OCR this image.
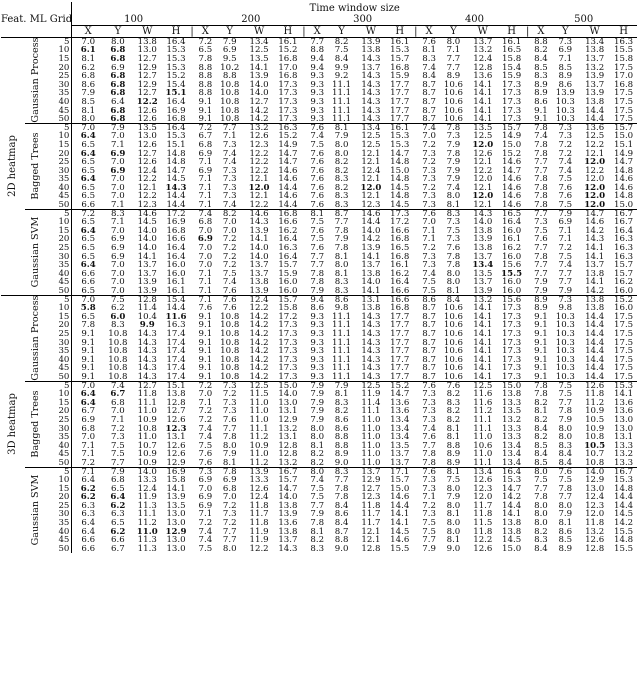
Feat. ML Grid			Time window size																							
			100					200					300					400					500			
			X	Y	W	H	|	X	Y	W	H	|	X	Y	W	H	|	X	Y	W	H	|	X	Y	W	H

2D heatmap	Gaussian Process	5	7.0	8.0	13.8	16.4		7.2	7.9	13.4	16.1		7.7	8.2	13.9	16.1		7.6	8.0	13.7	16.1		8.8	7.3	13.4	16.3
		10	6.1	6.8	13.0	15.3		6.5	6.9	12.5	15.2		8.8	7.5	13.8	15.3		8.1	7.1	13.2	16.5		8.2	6.9	13.8	15.5
		15	8.1	6.8	12.7	15.3		7.8	9.5	13.5	16.8		9.4	8.4	14.3	15.7		8.3	7.7	12.4	15.8		8.4	7.1	13.7	15.8
		20	6.2	6.9	12.9	15.3		8.8	10.2	14.1	17.0		9.4	9.9	13.7	16.8		7.4	7.7	12.8	15.4		8.5	8.5	13.2	17.5
		25	6.8	6.8	12.7	15.2		8.8	8.8	13.9	16.8		9.3	9.2	14.3	15.9		8.4	8.9	13.6	15.9		8.3	8.9	13.9	17.0
		30	8.6	6.8	12.9	15.4		8.8	10.8	14.0	17.3		9.3	11.1	14.3	17.7		8.7	10.6	14.1	17.3		8.9	8.6	13.7	16.8
		35	7.9	6.8	12.7	15.1		8.8	10.8	14.0	17.3		9.3	11.1	14.3	17.7		8.7	10.6	14.1	17.3		8.9	13.9	13.9	17.5
		40	8.5	6.4	12.2	16.4		9.1	10.8	12.7	17.3		9.3	11.1	14.3	17.7		8.7	10.6	14.1	17.3		8.6	10.3	13.8	17.5
		45	8.1	6.8	12.6	16.9		9.1	10.8	14.2	17.3		9.3	11.1	14.3	17.7		8.7	10.6	14.1	17.3		9.1	10.3	14.4	17.5
		50	8.0	6.8	12.6	16.8		9.1	10.8	14.2	17.3		9.3	11.1	14.3	17.7		8.7	10.6	14.1	17.3		9.1	10.3	14.4	17.5

	Bagged Trees	5	7.0	7.9	13.5	16.4		7.2	7.7	13.2	16.3		7.6	8.1	13.4	16.1		7.4	7.8	13.5	15.7		7.8	7.3	13.6	15.7
		10	6.4	7.0	13.0	15.3		6.7	7.1	12.6	15.2		7.4	7.9	12.5	15.3		7.0	7.3	12.5	14.9		7.4	7.3	12.5	15.0
		15	6.5	7.1	12.6	15.1		6.8	7.3	12.3	14.9		7.5	8.0	12.5	15.3		7.2	7.9	12.0	15.0		7.8	7.2	12.2	15.1
		20	6.4	6.9	12.7	14.8		6.9	7.4	12.2	14.7		7.6	8.0	12.1	14.7		7.3	7.8	12.6	15.2		7.8	7.2	12.1	14.9
		25	6.5	7.0	12.6	14.8		7.1	7.4	12.2	14.7		7.6	8.2	12.1	14.8		7.2	7.9	12.1	14.6		7.7	7.4	12.0	14.7
		30	6.5	6.9	12.4	14.7		6.9	7.3	12.2	14.6		7.6	8.2	12.4	15.0		7.3	7.9	12.2	14.7		7.7	7.4	12.2	14.8
		35	6.4	7.0	12.2	14.5		7.1	7.3	12.1	14.6		7.6	8.3	12.1	14.8		7.3	7.9	12.0	14.6		7.8	7.5	12.0	14.6
		40	6.5	7.0	12.1	14.3		7.1	7.3	12.0	14.4		7.6	8.2	12.0	14.5		7.2	7.4	12.1	14.6		7.8	7.6	12.0	14.6
		45	6.5	7.0	12.2	14.4		7.1	7.3	12.1	14.6		7.6	8.3	12.1	14.8		7.3	8.0	12.0	14.6		7.8	7.6	12.0	14.8
		50	6.6	7.1	12.3	14.4		7.1	7.4	12.2	14.4		7.6	8.3	12.3	14.5		7.3	8.1	12.1	14.6		7.8	7.5	12.0	15.0

	Gaussian SVM	5	7.2	8.3	14.6	17.2		7.4	8.2	14.6	16.8		8.1	8.7	14.6	17.3		7.6	8.3	14.3	16.5		7.7	7.9	14.7	16.7
		10	6.5	7.1	14.5	16.9		6.8	7.0	14.3	16.6		7.5	7.7	14.4	17.2		7.0	7.3	14.0	16.4		7.3	6.9	14.6	16.7
		15	6.4	7.0	14.0	16.8		7.0	7.0	13.9	16.2		7.6	7.8	14.0	16.6		7.1	7.5	13.8	16.0		7.5	7.1	14.2	16.4
		20	6.5	6.9	14.0	16.6		6.9	7.2	14.1	16.4		7.5	7.9	14.2	16.8		7.1	7.3	13.9	16.1		7.6	7.1	14.3	16.3
		25	6.5	6.9	14.0	16.4		7.0	7.2	14.0	16.3		7.6	7.8	13.9	16.5		7.2	7.6	13.8	16.2		7.7	7.2	14.1	16.3
		30	6.5	6.9	14.1	16.4		7.0	7.2	14.0	16.4		7.7	8.1	14.1	16.8		7.3	7.8	13.7	16.0		7.8	7.5	14.1	16.3
		35	6.4	7.0	13.7	16.0		7.0	7.2	13.7	15.7		7.7	8.0	13.7	16.1		7.3	7.8	13.4	15.6		7.7	7.4	13.7	15.7
		40	6.6	7.0	13.7	16.0		7.1	7.5	13.7	15.9		7.8	8.1	13.8	16.2		7.4	8.0	13.5	15.5		7.7	7.7	13.8	15.7
		45	6.6	7.0	13.9	16.1		7.1	7.4	13.8	16.0		7.8	8.3	14.0	16.4		7.5	8.0	13.7	16.0		7.9	7.7	14.1	16.2
		50	6.5	7.0	13.9	16.1		7.1	7.6	13.9	16.0		7.9	8.3	14.1	16.6		7.5	8.1	13.9	16.0		7.9	7.9	14.2	16.0

3D heatmap	Gaussian Process	5	7.0	7.5	12.8	15.4		7.1	7.6	12.4	15.7		9.4	8.6	13.1	16.6		8.6	8.4	13.2	15.6		8.9	7.3	13.8	15.2
		10	5.8	6.2	11.4	14.4		7.6	7.6	12.2	15.8		8.6	9.8	13.8	16.8		8.7	10.6	14.1	17.3		8.9	9.8	13.8	16.0
		15	6.5	6.0	10.4	11.6		9.1	10.8	14.2	17.2		9.3	11.1	14.3	17.7		8.7	10.6	14.1	17.3		9.1	10.3	14.4	17.5
		20	7.8	8.3	9.9	16.3		9.1	10.8	14.2	17.3		9.3	11.1	14.3	17.7		8.7	10.6	14.1	17.3		9.1	10.3	14.4	17.5
		25	9.1	10.8	14.3	17.4		9.1	10.8	14.2	17.3		9.3	11.1	14.3	17.7		8.7	10.6	14.1	17.3		9.1	10.3	14.4	17.5
		30	9.1	10.8	14.3	17.4		9.1	10.8	14.2	17.3		9.3	11.1	14.3	17.7		8.7	10.6	14.1	17.3		9.1	10.3	14.4	17.5
		35	9.1	10.8	14.3	17.4		9.1	10.8	14.2	17.3		9.3	11.1	14.3	17.7		8.7	10.6	14.1	17.3		9.1	10.3	14.4	17.5
		40	9.1	10.8	14.3	17.4		9.1	10.8	14.2	17.3		9.3	11.1	14.3	17.7		8.7	10.6	14.1	17.3		9.1	10.3	14.4	17.5
		45	9.1	10.8	14.3	17.4		9.1	10.8	14.2	17.3		9.3	11.1	14.3	17.7		8.7	10.6	14.1	17.3		9.1	10.3	14.4	17.5
		50	9.1	10.8	14.3	17.4		9.1	10.8	14.2	17.3		9.3	11.1	14.3	17.7		8.7	10.6	14.1	17.3		9.1	10.3	14.4	17.5

	Bagged Trees	5	7.0	7.4	12.7	15.1		7.2	7.3	12.5	15.0		7.9	7.9	12.5	15.2		7.6	7.6	12.5	15.0		7.8	7.5	12.6	15.3
		10	6.4	6.7	11.8	13.8		7.0	7.2	11.5	14.0		7.9	8.1	11.9	14.7		7.3	8.2	11.6	13.8		7.8	7.5	11.8	14.1
		15	6.4	6.8	11.1	12.8		7.1	7.3	11.0	13.0		7.9	8.3	11.4	13.6		7.3	8.3	11.6	13.3		8.2	7.7	11.2	13.6
		20	6.7	7.0	11.0	12.7		7.2	7.3	11.0	13.1		7.9	8.2	11.1	13.6		7.3	8.2	11.2	13.5		8.1	7.8	10.9	13.6
		25	6.9	7.1	10.9	12.6		7.2	7.6	11.0	12.9		7.9	8.6	11.0	13.4		7.3	8.2	11.1	13.2		8.2	7.9	10.5	13.0
		30	6.8	7.2	10.8	12.3		7.4	7.7	11.1	13.2		8.0	8.6	11.0	13.4		7.4	8.1	11.1	13.3		8.4	8.0	10.9	13.0
		35	7.0	7.3	11.0	13.1		7.4	7.8	11.2	13.1		8.0	8.8	11.0	13.4		7.6	8.1	11.0	13.3		8.2	8.0	10.8	13.1
		40	7.1	7.5	10.7	12.6		7.5	8.0	10.9	12.8		8.1	8.8	11.0	13.5		7.7	8.8	10.6	13.4		8.5	8.3	10.5	13.3
		45	7.1	7.5	10.9	12.6		7.6	7.9	11.0	12.8		8.2	8.9	11.0	13.7		7.8	8.9	11.0	13.4		8.4	8.4	10.7	13.2
		50	7.2	7.7	10.9	12.9		7.6	8.1	11.2	13.2		8.2	9.0	11.0	13.7		7.8	8.9	11.1	13.4		8.5	8.4	10.8	13.3

	Gaussian SVM	5	7.1	7.9	14.0	16.9		7.3	7.8	13.9	16.7		8.0	8.3	13.7	17.1		7.6	8.1	13.4	16.4		8.0	7.6	14.0	16.7
		10	6.4	6.8	13.3	15.8		6.9	6.9	13.3	15.7		7.4	7.7	12.9	15.7		7.3	7.5	12.6	15.3		7.5	7.5	12.9	15.3
		15	6.2	6.5	12.4	14.1		7.0	6.8	12.6	14.7		7.5	7.8	12.7	15.0		7.3	8.0	12.3	14.7		7.7	7.8	13.0	14.8
		20	6.2	6.4	11.9	13.9		6.9	7.0	12.4	14.0		7.5	7.8	12.3	14.6		7.1	7.9	12.0	14.2		7.8	7.7	12.4	14.4
		25	6.3	6.2	11.3	13.5		6.9	7.2	11.8	13.8		7.7	8.4	11.8	14.4		7.2	8.0	11.7	14.4		8.0	8.0	12.3	14.4
		30	6.3	6.3	11.1	13.0		7.1	7.3	11.7	13.9		7.9	8.6	11.7	14.1		7.3	8.1	11.8	14.1		8.0	7.9	12.0	14.5
		35	6.4	6.5	11.2	13.0		7.2	7.2	11.8	13.6		7.8	8.4	11.7	14.1		7.5	8.0	11.5	13.8		8.0	8.1	11.8	14.2
		40	6.4	6.2	11.0	12.9		7.4	7.7	11.9	13.8		8.1	8.7	12.1	14.5		7.5	8.0	11.8	13.8		8.2	8.6	13.2	15.5
		45	6.6	6.6	11.3	13.0		7.4	7.7	11.9	13.7		8.2	8.8	12.1	14.6		7.7	8.1	12.2	14.5		8.3	8.5	12.6	14.8
		50	6.6	6.7	11.3	13.0		7.5	8.0	12.2	14.3		8.3	9.0	12.8	15.5		7.9	9.0	12.6	15.0		8.4	8.9	12.8	15.5
